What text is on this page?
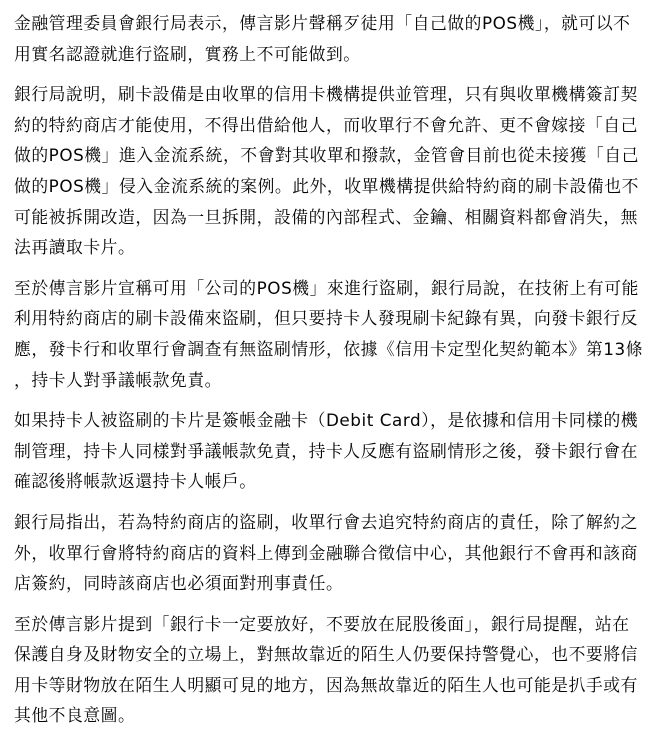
金融管理委員會銀行局表示，傳言影片聲稱歹徒用「自己做的POS機」，就可以不用實名認證就進行盜刷，實務上不可能做到。

銀行局說明，刷卡設備是由收單的信用卡機構提供並管理，只有與收單機構簽訂契約的特約商店才能使用，不得出借給他人，而收單行不會允許、更不會嫁接「自己做的POS機」進入金流系統，不會對其收單和撥款，金管會目前也從未接獲「自己做的POS機」侵入金流系統的案例。此外，收單機構提供給特約商的刷卡設備也不可能被拆開改造，因為一旦拆開，設備的內部程式、金鑰、相關資料都會消失，無法再讀取卡片。

至於傳言影片宣稱可用「公司的POS機」來進行盜刷，銀行局說，在技術上有可能利用特約商店的刷卡設備來盜刷，但只要持卡人發現刷卡紀錄有異，向發卡銀行反應，發卡行和收單行會調查有無盜刷情形，依據《信用卡定型化契約範本》第13條，持卡人對爭議帳款免責。

如果持卡人被盜刷的卡片是簽帳金融卡（Debit Card），是依據和信用卡同樣的機制管理，持卡人同樣對爭議帳款免責，持卡人反應有盜刷情形之後，發卡銀行會在確認後將帳款返還持卡人帳戶。

銀行局指出，若為特約商店的盜刷，收單行會去追究特約商店的責任，除了解約之外，收單行會將特約商店的資料上傳到金融聯合徵信中心，其他銀行不會再和該商店簽約，同時該商店也必須面對刑事責任。

至於傳言影片提到「銀行卡一定要放好，不要放在屁股後面」，銀行局提醒，站在保護自身及財物安全的立場上，對無故靠近的陌生人仍要保持警覺心，也不要將信用卡等財物放在陌生人明顯可見的地方，因為無故靠近的陌生人也可能是扒手或有其他不良意圖。
